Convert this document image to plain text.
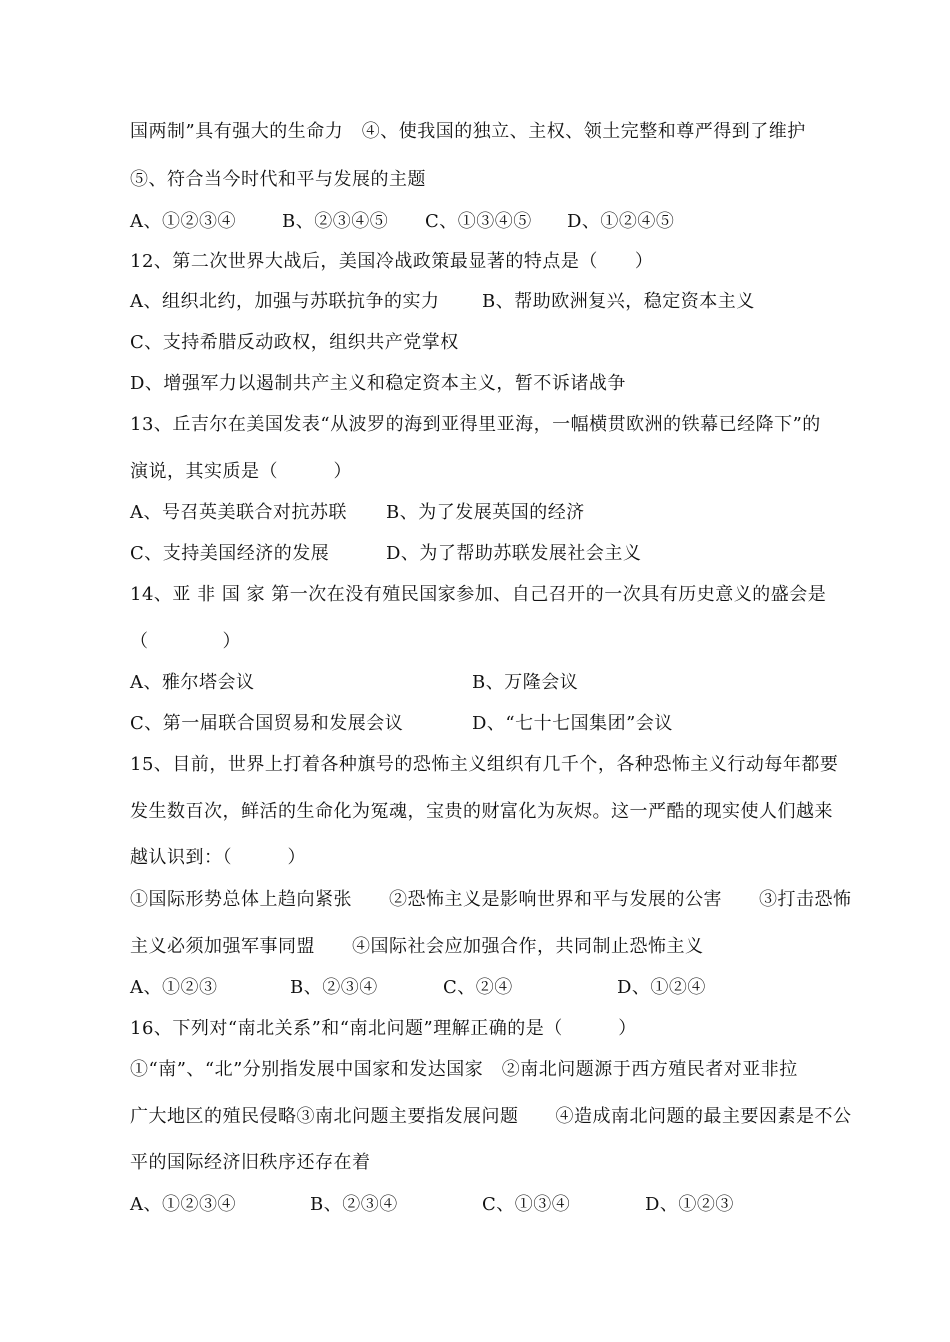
国两制”具有强大的生命力　④、使我国的独立、主权、领土完整和尊严得到了维护
⑤、符合当今时代和平与发展的主题
A、①②③④	B、②③④⑤ C、①③④⑤ D、①②④⑤
12、第二次世界大战后，美国冷战政策最显著的特点是（　　）
A、组织北约，加强与苏联抗争的实力 B、帮助欧洲复兴，稳定资本主义
C、支持希腊反动政权，组织共产党掌权
D、增强军力以遏制共产主义和稳定资本主义，暂不诉诸战争
13、丘吉尔在美国发表“从波罗的海到亚得里亚海，一幅横贯欧洲的铁幕已经降下”的
演说，其实质是（　　　）
A、号召英美联合对抗苏联 B、为了发展英国的经济
C、支持美国经济的发展	D、为了帮助苏联发展社会主义
14、亚 非 国 家 第一次在没有殖民国家参加、自己召开的一次具有历史意义的盛会是
（　　　　）
A、雅尔塔会议	B、万隆会议
C、第一届联合国贸易和发展会议	D、“七十七国集团”会议
15、目前，世界上打着各种旗号的恐怖主义组织有几千个，各种恐怖主义行动每年都要
发生数百次，鲜活的生命化为冤魂，宝贵的财富化为灰烬。这一严酷的现实使人们越来
越认识到：（　　　）
①国际形势总体上趋向紧张　　②恐怖主义是影响世界和平与发展的公害　　③打击恐怖
主义必须加强军事同盟　　④国际社会应加强合作，共同制止恐怖主义
A、①②③	B、②③④	C、②④	D、①②④
16、下列对“南北关系”和“南北问题”理解正确的是（　　　）
①“南”、“北”分别指发展中国家和发达国家　②南北问题源于西方殖民者对亚非拉
广大地区的殖民侵略③南北问题主要指发展问题　　④造成南北问题的最主要因素是不公
平的国际经济旧秩序还存在着
A、①②③④	B、②③④	C、①③④	D、①②③
